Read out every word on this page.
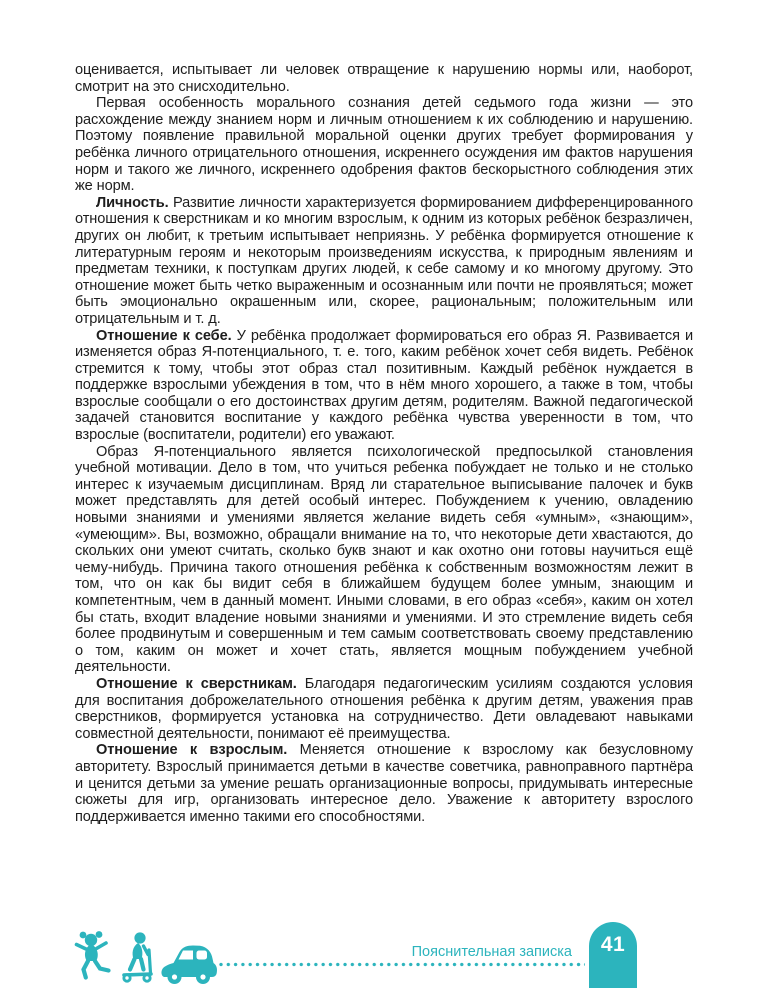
оценивается, испытывает ли человек отвращение к нарушению нормы или, наоборот, смотрит на это снисходительно.

Первая особенность морального сознания детей седьмого года жизни — это расхождение между знанием норм и личным отношением к их соблюдению и нарушению. Поэтому появление правильной моральной оценки других требует формирования у ребёнка личного отрицательного отношения, искреннего осуждения им фактов нарушения норм и такого же личного, искреннего одобрения фактов бескорыстного соблюдения этих же норм.

Личность. Развитие личности характеризуется формированием дифференцированного отношения к сверстникам и ко многим взрослым, к одним из которых ребёнок безразличен, других он любит, к третьим испытывает неприязнь. У ребёнка формируется отношение к литературным героям и некоторым произведениям искусства, к природным явлениям и предметам техники, к поступкам других людей, к себе самому и ко многому другому. Это отношение может быть четко выраженным и осознанным или почти не проявляться; может быть эмоционально окрашенным или, скорее, рациональным; положительным или отрицательным и т. д.

Отношение к себе. У ребёнка продолжает формироваться его образ Я. Развивается и изменяется образ Я-потенциального, т. е. того, каким ребёнок хочет себя видеть. Ребёнок стремится к тому, чтобы этот образ стал позитивным. Каждый ребёнок нуждается в поддержке взрослыми убеждения в том, что в нём много хорошего, а также в том, чтобы взрослые сообщали о его достоинствах другим детям, родителям. Важной педагогической задачей становится воспитание у каждого ребёнка чувства уверенности в том, что взрослые (воспитатели, родители) его уважают.

Образ Я-потенциального является психологической предпосылкой становления учебной мотивации. Дело в том, что учиться ребенка побуждает не только и не столько интерес к изучаемым дисциплинам. Вряд ли старательное выписывание палочек и букв может представлять для детей особый интерес. Побуждением к учению, овладению новыми знаниями и умениями является желание видеть себя «умным», «знающим», «умеющим». Вы, возможно, обращали внимание на то, что некоторые дети хвастаются, до скольких они умеют считать, сколько букв знают и как охотно они готовы научиться ещё чему-нибудь. Причина такого отношения ребёнка к собственным возможностям лежит в том, что он как бы видит себя в ближайшем будущем более умным, знающим и компетентным, чем в данный момент. Иными словами, в его образ «себя», каким он хотел бы стать, входит владение новыми знаниями и умениями. И это стремление видеть себя более продвинутым и совершенным и тем самым соответствовать своему представлению о том, каким он может и хочет стать, является мощным побуждением учебной деятельности.

Отношение к сверстникам. Благодаря педагогическим усилиям создаются условия для воспитания доброжелательного отношения ребёнка к другим детям, уважения прав сверстников, формируется установка на сотрудничество. Дети овладевают навыками совместной деятельности, понимают её преимущества.

Отношение к взрослым. Меняется отношение к взрослому как безусловному авторитету. Взрослый принимается детьми в качестве советчика, равноправного партнёра и ценится детьми за умение решать организационные вопросы, придумывать интересные сюжеты для игр, организовать интересное дело. Уважение к авторитету взрослого поддерживается именно такими его способностями.

Пояснительная записка	41
